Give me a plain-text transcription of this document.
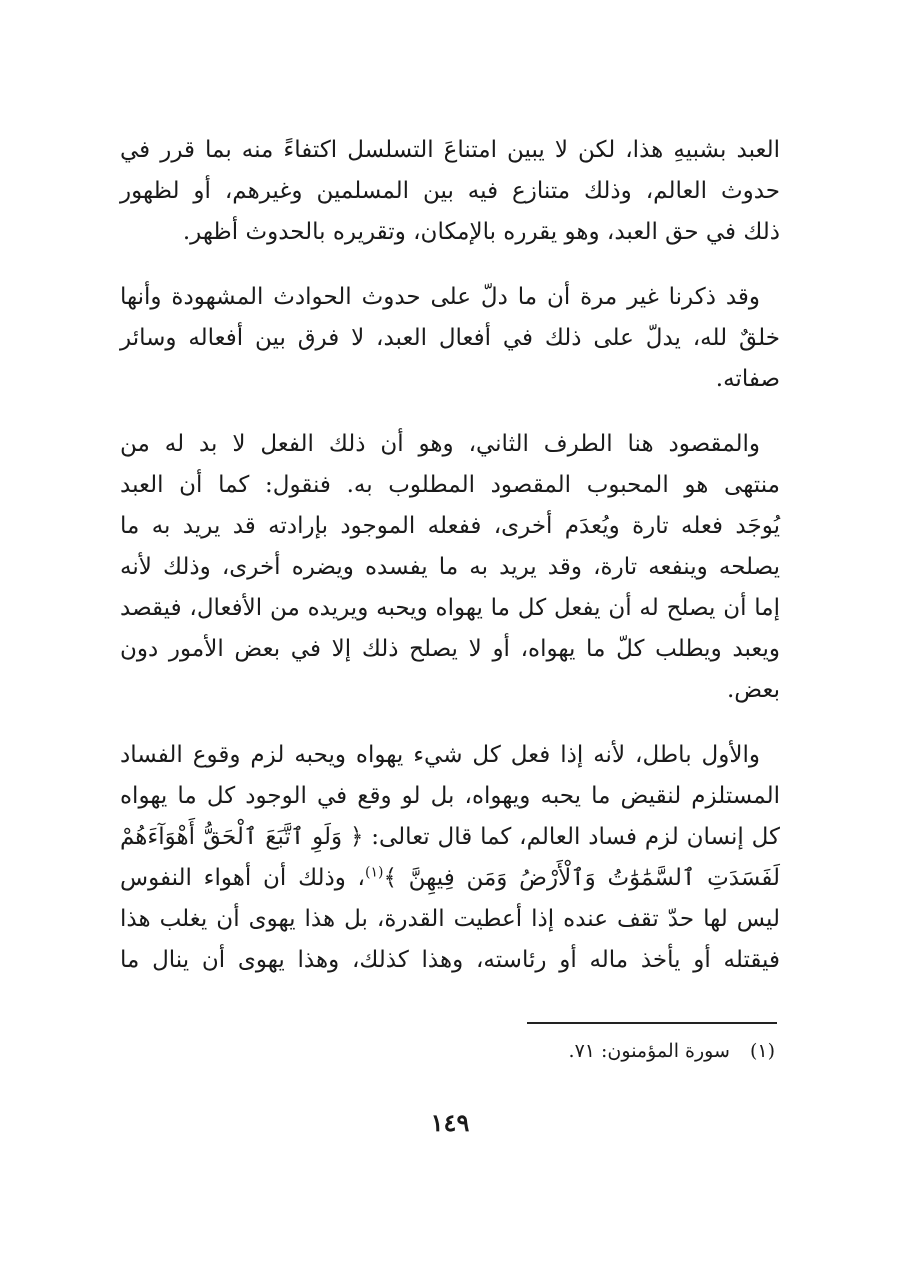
العبد بشبيهِ هذا، لكن لا يبين امتناعَ التسلسل اكتفاءً منه بما قرر في
حدوث العالم، وذلك متنازع فيه بين المسلمين وغيرهم، أو لظهور
ذلك في حق العبد، وهو يقرره بالإمكان، وتقريره بالحدوث أظهر.

وقد ذكرنا غير مرة أن ما دلّ على حدوث الحوادث المشهودة وأنها
خلقٌ لله، يدلّ على ذلك في أفعال العبد، لا فرق بين أفعاله وسائر
صفاته.

والمقصود هنا الطرف الثاني، وهو أن ذلك الفعل لا بد له من
منتهى هو المحبوب المقصود المطلوب به. فنقول: كما أن العبد
يُوجَد فعله تارة ويُعدَم أخرى، ففعله الموجود بإرادته قد يريد به ما
يصلحه وينفعه تارة، وقد يريد به ما يفسده ويضره أخرى، وذلك لأنه
إما أن يصلح له أن يفعل كل ما يهواه ويحبه ويريده من الأفعال، فيقصد
ويعبد ويطلب كلّ ما يهواه، أو لا يصلح ذلك إلا في بعض الأمور دون
بعض.

والأول باطل، لأنه إذا فعل كل شيء يهواه ويحبه لزم وقوع الفساد
المستلزم لنقيض ما يحبه ويهواه، بل لو وقع في الوجود كل ما يهواه
كل إنسان لزم فساد العالم، كما قال تعالى: ﴿ وَلَوِ ٱتَّبَعَ ٱلْحَقُّ أَهْوَآءَهُمْ
لَفَسَدَتِ ٱلسَّمَٰوَٰتُ وَٱلْأَرْضُ وَمَن فِيهِنَّ ﴾$^{(١)}$، وذلك أن أهواء النفوس
ليس لها حدّ تقف عنده إذا أعطيت القدرة، بل هذا يهوى أن يغلب هذا
فيقتله أو يأخذ ماله أو رئاسته، وهذا كذلك، وهذا يهوى أن ينال ما

(١) سورة المؤمنون: ٧١.
١٤٩
